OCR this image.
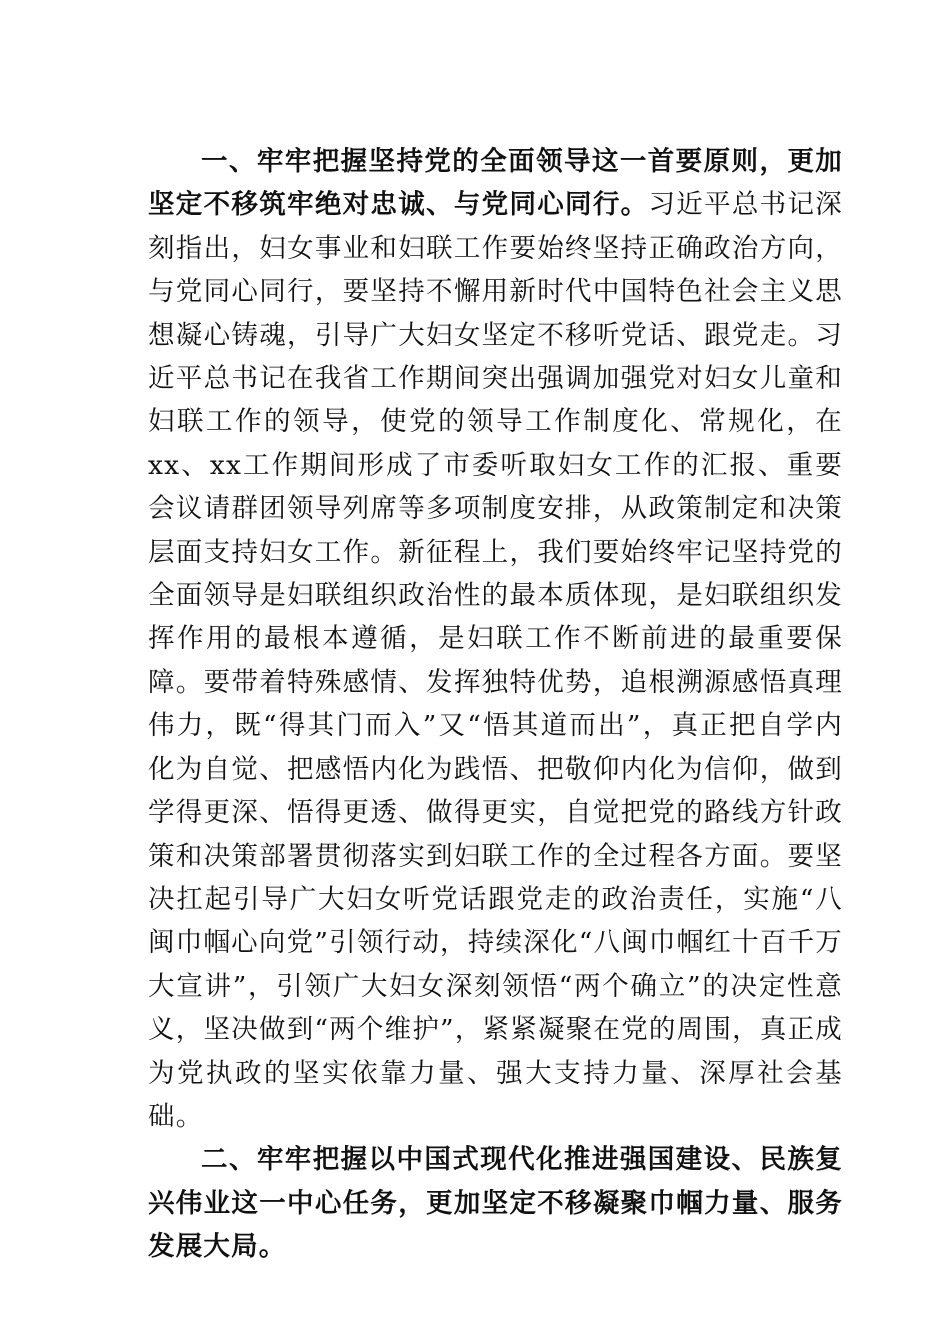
一、牢牢把握坚持党的全面领导这一首要原则，更加坚定不移筑牢绝对忠诚、与党同心同行。习近平总书记深刻指出，妇女事业和妇联工作要始终坚持正确政治方向，与党同心同行，要坚持不懈用新时代中国特色社会主义思想凝心铸魂，引导广大妇女坚定不移听党话、跟党走。习近平总书记在我省工作期间突出强调加强党对妇女儿童和妇联工作的领导，使党的领导工作制度化、常规化，在xx、xx工作期间形成了市委听取妇女工作的汇报、重要会议请群团领导列席等多项制度安排，从政策制定和决策层面支持妇女工作。新征程上，我们要始终牢记坚持党的全面领导是妇联组织政治性的最本质体现，是妇联组织发挥作用的最根本遵循，是妇联工作不断前进的最重要保障。要带着特殊感情、发挥独特优势，追根溯源感悟真理伟力，既“得其门而入”又“悟其道而出”，真正把自学内化为自觉、把感悟内化为践悟、把敬仰内化为信仰，做到学得更深、悟得更透、做得更实，自觉把党的路线方针政策和决策部署贯彻落实到妇联工作的全过程各方面。要坚决扛起引导广大妇女听党话跟党走的政治责任，实施“八闽巾帼心向党”引领行动，持续深化“八闽巾帼红十百千万大宣讲”，引领广大妇女深刻领悟“两个确立”的决定性意义，坚决做到“两个维护”，紧紧凝聚在党的周围，真正成为党执政的坚实依靠力量、强大支持力量、深厚社会基础。

二、牢牢把握以中国式现代化推进强国建设、民族复兴伟业这一中心任务，更加坚定不移凝聚巾帼力量、服务发展大局。
